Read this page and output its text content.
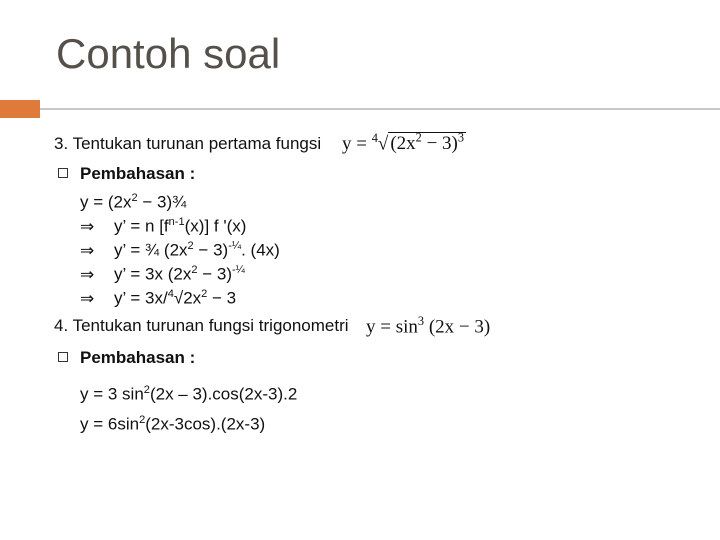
Contoh soal
3. Tentukan turunan pertama fungsi y = $^4$√ $(2x^2 - 3)^3$
Pembahasan :
$y = (2x^2$ − 3)¾
⇒ y’ = n $[f^{n-1}(x)]$ f '(x)
⇒ y’ = ¾ $(2x^2 - 3)^{-\frac{1}{4}}$. (4x)
⇒ y’ = 3x $(2x^2 - 3)^{-\frac{1}{4}}$
⇒ y’ = $3x/^4√2x^2 - 3$
4. Tentukan turunan fungsi trigonometri $y = \sin^3 (2x - 3)$
Pembahasan :
y = 3 $\sin^2(2x - 3).\cos(2x-3).2$
$y = 6\sin^2(2x-3\cos).(2x-3)$
